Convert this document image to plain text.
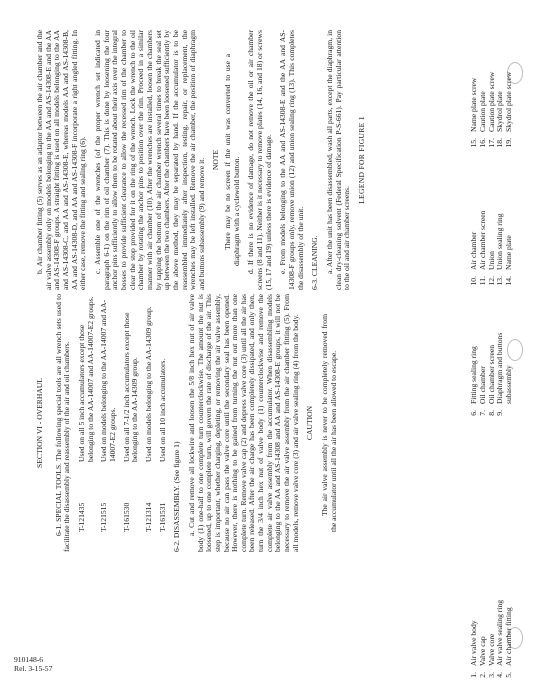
SECTION VI - OVERHAUL 6-1. SPECIAL TOOLS. The following special tools are all wrench sets used to facilitate the disassembly and reassembly of the air and oil chambers. T-121435
Used on all 5 inch accumulators except those belonging to the AA-14007 and AA-14007-E2 groups.
T-121515
Used on models belonging to the AA-14007 and AA-14007-E2 groups.
T-161530
Used on all 7-1/2 inch accumulators except those belonging to the AA-14309 group.
T-121314
Used on models belonging to the AA-14309 group.
T-161531
Used on all 10 inch accumulators.

6-2. DISASSEMBLY. (See figure 1) a. Cut and remove all lockwire and loosen the 5/8 inch hex nut of air valve body (1) one-half to one complete turn counterclockwise. The amount the nut is loosened, up to one complete turn, will govern the rate of discharge of the air. This step is important, whether charging, depleting, or removing the air valve assembly, because no air can pass the valve core until the secondary seal has been opened. However, there is nothing to be gained from turning the nut out more than one complete turn. Remove valve cap (2) and depress valve core (3) until all the air has been released. After the air charge has been completely dissipated, and only then, turn the 3/4 inch hex nut of valve body (1) counterclockwise and remove the complete air valve assembly from the accumulator. When disassembling models belonging to the AA and AS-14308 and AA and AS-14308-E groups, it will not be necessary to remove the air valve assembly from the air chamber fitting (5). From all models, remove valve core (3) and air valve sealing ring (4) from the body. CAUTION The air valve assembly is never to be completely removed from the accumulator until all the air has been allowed to escape.

b. Air chamber fitting (5) serves as an adaptor between the air chamber and the air valve assembly only on models belonging to the AA and AS-14308-E and the AA and AS-14308-F groups. A straight fitting is used on all models belonging to the AA and AS-14308-C, and AA and AS-14308-E, whereas models AA and AS-14308-B, AA and AS-14308-D, and AA and AS-14308-F incorporate a right angled fitting. In either case, remove the fitting and sealing ring (6). c. Assemble one of the wrenches (of the proper wrench set indicated in paragraph 6-1) on the rim of oil chamber (7). This is done by loosening the four anchor pins sufficiently to allow them to be rotated about their axis over the integral bosses to provide sufficient clearance to allow the recessed rim of the chamber to clear the stop provided for it on the ring of the wrench. Lock the wrench to the oil chamber by rotating the anchor pins to position over the rim. Proceed in a similar manner with air chamber (10). After the wrenches are installed, loosen the chambers by tapping the bottom of the air chamber wrench several times to break the seal set up between the two chambers. After the chambers have been loosened sufficiently by the above method, they may be separated by hand. If the accumulator is to be reassembled immediately after inspection, testing, repair, or replacement, the wrenches may be left installed. Remove the air chamber, the position of diaphragm and buttons subassembly (9) and remove it. NOTE There may be no screen if the unit was converted to use a diaphragm with a cyclewold button. d. If there is no evidence of damage, do not remove the oil or air chamber screens (8 and 11). Neither is it necessary to remove plates (14, 16, and 18) or screws (15, 17 and 19) unless there is evidence of damage. e. From models belonging to the AA and AS-14308-E and the AA and AS-14308-F groups only, remove union (12) and union sealing ring (13). This completes the disassembly of the unit. 6-3. CLEANING. a. After the unit has been disassembled, wash all parts, except the diaphragm, in clean dry-cleaning solvent (Federal Specification P-S-661). Pay particular attention to the oil and air chamber screens.

LEGEND FOR FIGURE 1
1.
Air valve body
2.
Valve cap
3.
Valve core
4.
Air valve sealing ring
5.
Air chamber fitting
6.
Fitting sealing ring
7.
Oil chamber
8.
Oil chamber screen
9.
Diaphragm and buttons subassembly
10.
Air chamber
11.
Air chamber screen
12.
Union
13.
Union sealing ring
14.
Name plate
15.
Name plate screw
16.
Caution plate
17.
Caution plate screw
18.
Skydrol plate
19.
Skydrol plate screw
910148-6
Rel. 3-15-57
